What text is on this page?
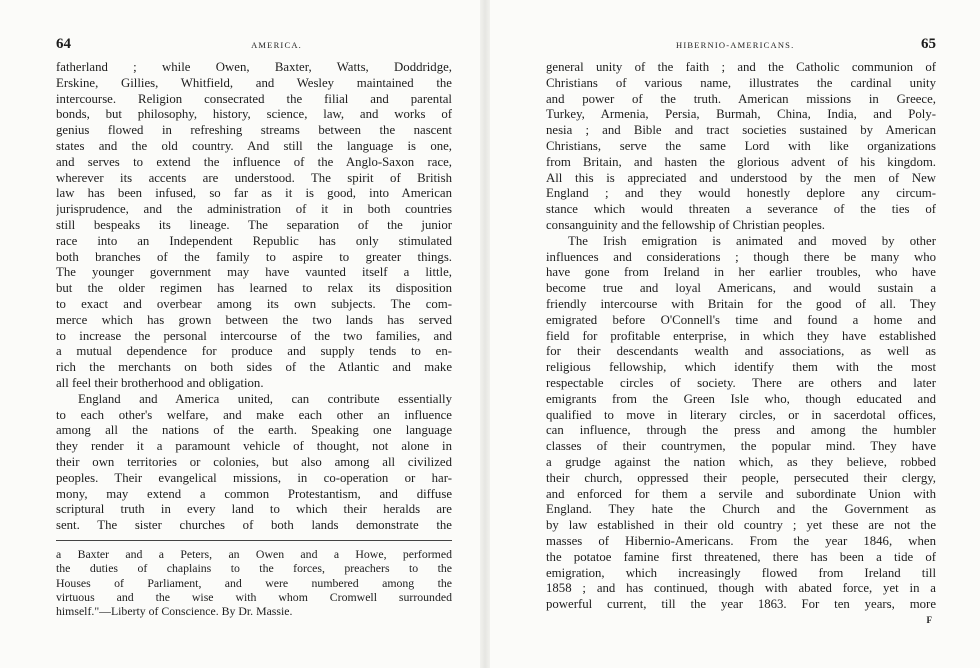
64	AMERICA.
fatherland ; while Owen, Baxter, Watts, Doddridge,
Erskine, Gillies, Whitfield, and Wesley maintained the
intercourse. Religion consecrated the filial and parental
bonds, but philosophy, history, science, law, and works of
genius flowed in refreshing streams between the nascent
states and the old country. And still the language is one,
and serves to extend the influence of the Anglo-Saxon race,
wherever its accents are understood. The spirit of British
law has been infused, so far as it is good, into American
jurisprudence, and the administration of it in both countries
still bespeaks its lineage. The separation of the junior
race into an Independent Republic has only stimulated
both branches of the family to aspire to greater things.
The younger government may have vaunted itself a little,
but the older regimen has learned to relax its disposition
to exact and overbear among its own subjects. The com-
merce which has grown between the two lands has served
to increase the personal intercourse of the two families, and
a mutual dependence for produce and supply tends to en-
rich the merchants on both sides of the Atlantic and make
all feel their brotherhood and obligation.
England and America united, can contribute essentially
to each other's welfare, and make each other an influence
among all the nations of the earth. Speaking one language
they render it a paramount vehicle of thought, not alone in
their own territories or colonies, but also among all civilized
peoples. Their evangelical missions, in co-operation or har-
mony, may extend a common Protestantism, and diffuse
scriptural truth in every land to which their heralds are
sent. The sister churches of both lands demonstrate the
a Baxter and a Peters, an Owen and a Howe, performed
the duties of chaplains to the forces, preachers to the
Houses of Parliament, and were numbered among the
virtuous and the wise with whom Cromwell surrounded
himself."—Liberty of Conscience. By Dr. Massie.
HIBERNIO-AMERICANS.	65
general unity of the faith ; and the Catholic communion of
Christians of various name, illustrates the cardinal unity
and power of the truth. American missions in Greece,
Turkey, Armenia, Persia, Burmah, China, India, and Poly-
nesia ; and Bible and tract societies sustained by American
Christians, serve the same Lord with like organizations
from Britain, and hasten the glorious advent of his kingdom.
All this is appreciated and understood by the men of New
England ; and they would honestly deplore any circum-
stance which would threaten a severance of the ties of
consanguinity and the fellowship of Christian peoples.
The Irish emigration is animated and moved by other
influences and considerations ; though there be many who
have gone from Ireland in her earlier troubles, who have
become true and loyal Americans, and would sustain a
friendly intercourse with Britain for the good of all. They
emigrated before O'Connell's time and found a home and
field for profitable enterprise, in which they have established
for their descendants wealth and associations, as well as
religious fellowship, which identify them with the most
respectable circles of society. There are others and later
emigrants from the Green Isle who, though educated and
qualified to move in literary circles, or in sacerdotal offices,
can influence, through the press and among the humbler
classes of their countrymen, the popular mind. They have
a grudge against the nation which, as they believe, robbed
their church, oppressed their people, persecuted their clergy,
and enforced for them a servile and subordinate Union with
England. They hate the Church and the Government as
by law established in their old country ; yet these are not the
masses of Hibernio-Americans. From the year 1846, when
the potatoe famine first threatened, there has been a tide of
emigration, which increasingly flowed from Ireland till
1858 ; and has continued, though with abated force, yet in a
powerful current, till the year 1863. For ten years, more
F
